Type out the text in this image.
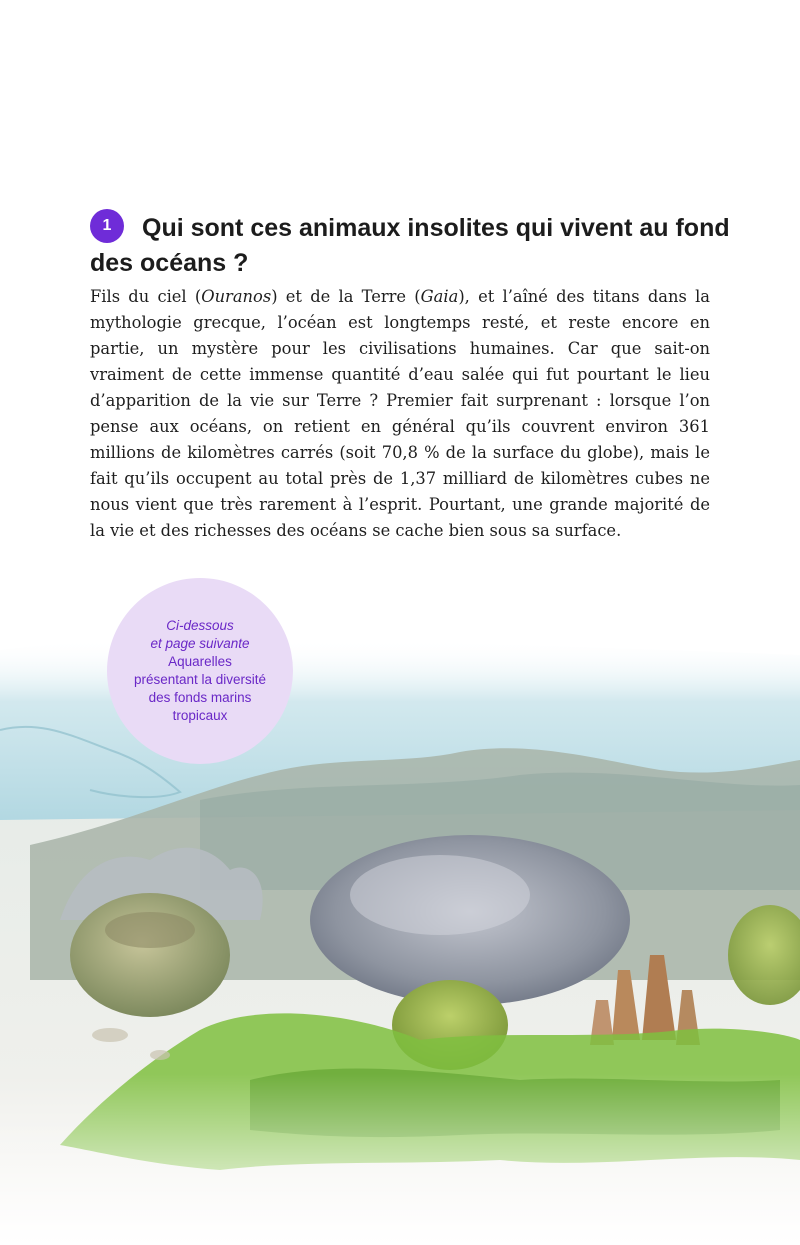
1 Qui sont ces animaux insolites qui vivent au fond des océans ?

Fils du ciel (Ouranos) et de la Terre (Gaia), et l’aîné des titans dans la mythologie grecque, l’océan est longtemps resté, et reste encore en partie, un mystère pour les civilisations humaines. Car que sait-on vraiment de cette immense quantité d’eau salée qui fut pourtant le lieu d’apparition de la vie sur Terre ? Premier fait surprenant : lorsque l’on pense aux océans, on retient en général qu’ils couvrent environ 361 millions de kilomètres carrés (soit 70,8 % de la surface du globe), mais le fait qu’ils occupent au total près de 1,37 milliard de kilomètres cubes ne nous vient que très rarement à l’esprit. Pourtant, une grande majorité de la vie et des richesses des océans se cache bien sous sa surface.

Ci-dessous
et page suivante
Aquarelles
présentant la diversité
des fonds marins
tropicaux
